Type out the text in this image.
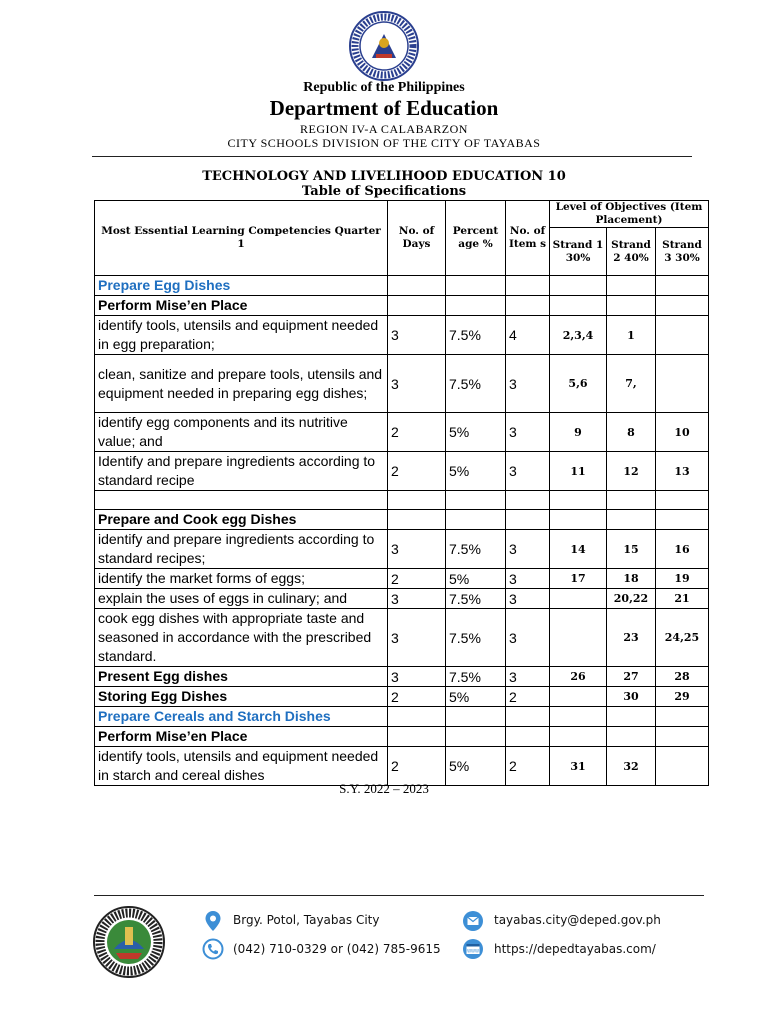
Republic of the Philippines
Department of Education
REGION IV-A CALABARZON
CITY SCHOOLS DIVISION OF THE CITY OF TAYABAS
TECHNOLOGY AND LIVELIHOOD EDUCATION 10
Table of Specifications
Most Essential Learning Competencies Quarter 1	No. of Days	Percent age %	No. of Item s	Level of Objectives (Item Placement)		
				Strand 1 30%	Strand 2 40%	Strand 3 30%
Prepare Egg Dishes						
Perform Mise’en Place						
identify tools, utensils and equipment needed in egg preparation;	3	7.5%	4	2,3,4	1	
clean, sanitize and prepare tools, utensils and equipment needed in preparing egg dishes;	3	7.5%	3	5,6	7,	
identify egg components and its nutritive value; and	2	5%	3	9	8	10
Identify and prepare ingredients according to standard recipe	2	5%	3	11	12	13

Prepare and Cook egg Dishes						
identify and prepare ingredients according to standard recipes;	3	7.5%	3	14	15	16
identify the market forms of eggs;	2	5%	3	17	18	19
explain the uses of eggs in culinary; and	3	7.5%	3		20,22	21
cook egg dishes with appropriate taste and seasoned in accordance with the prescribed standard.	3	7.5%	3		23	24,25
Present Egg dishes	3	7.5%	3	26	27	28
Storing Egg Dishes	2	5%	2		30	29
Prepare Cereals and Starch Dishes						
Perform Mise’en Place						
identify tools, utensils and equipment needed in starch and cereal dishes	2	5%	2	31	32	
S.Y. 2022 – 2023
Brgy. Potol, Tayabas City
(042) 710-0329 or (042) 785-9615
tayabas.city@deped.gov.ph
WWW https://depedtayabas.com/
